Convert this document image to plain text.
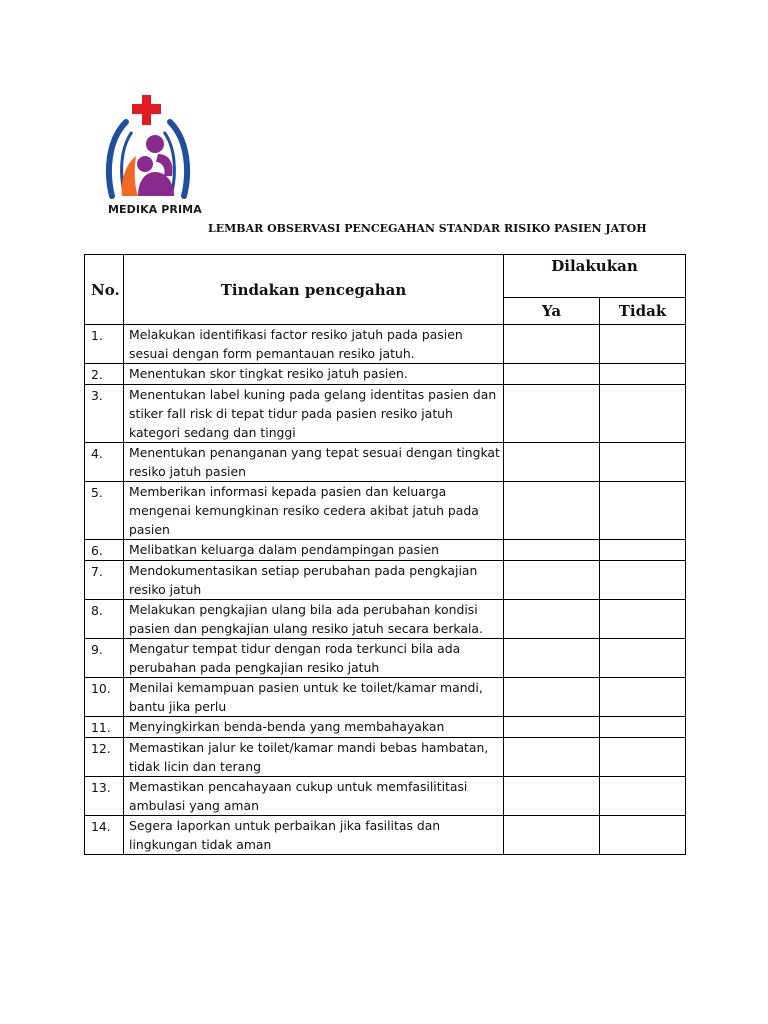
MEDIKA PRIMA
LEMBAR OBSERVASI PENCEGAHAN STANDAR RISIKO PASIEN JATOH
No.	Tindakan pencegahan	Dilakukan	
		Ya	Tidak
1.	Melakukan identifikasi factor resiko jatuh pada pasien sesuai dengan form pemantauan resiko jatuh.		
2.	Menentukan skor tingkat resiko jatuh pasien.		
3.	Menentukan label kuning pada gelang identitas pasien dan stiker fall risk di tepat tidur pada pasien resiko jatuh kategori sedang dan tinggi		
4.	Menentukan penanganan yang tepat sesuai dengan tingkat resiko jatuh pasien		
5.	Memberikan informasi kepada pasien dan keluarga mengenai kemungkinan resiko cedera akibat jatuh pada pasien		
6.	Melibatkan keluarga dalam pendampingan pasien		
7.	Mendokumentasikan setiap perubahan pada pengkajian resiko jatuh		
8.	Melakukan pengkajian ulang bila ada perubahan kondisi pasien dan pengkajian ulang resiko jatuh secara berkala.		
9.	Mengatur tempat tidur dengan roda terkunci bila ada perubahan pada pengkajian resiko jatuh		
10.	Menilai kemampuan pasien untuk ke toilet/kamar mandi, bantu jika perlu		
11.	Menyingkirkan benda-benda yang membahayakan		
12.	Memastikan jalur ke toilet/kamar mandi bebas hambatan, tidak licin dan terang		
13.	Memastikan pencahayaan cukup untuk memfasilititasi ambulasi yang aman		
14.	Segera laporkan untuk perbaikan jika fasilitas dan lingkungan tidak aman		
